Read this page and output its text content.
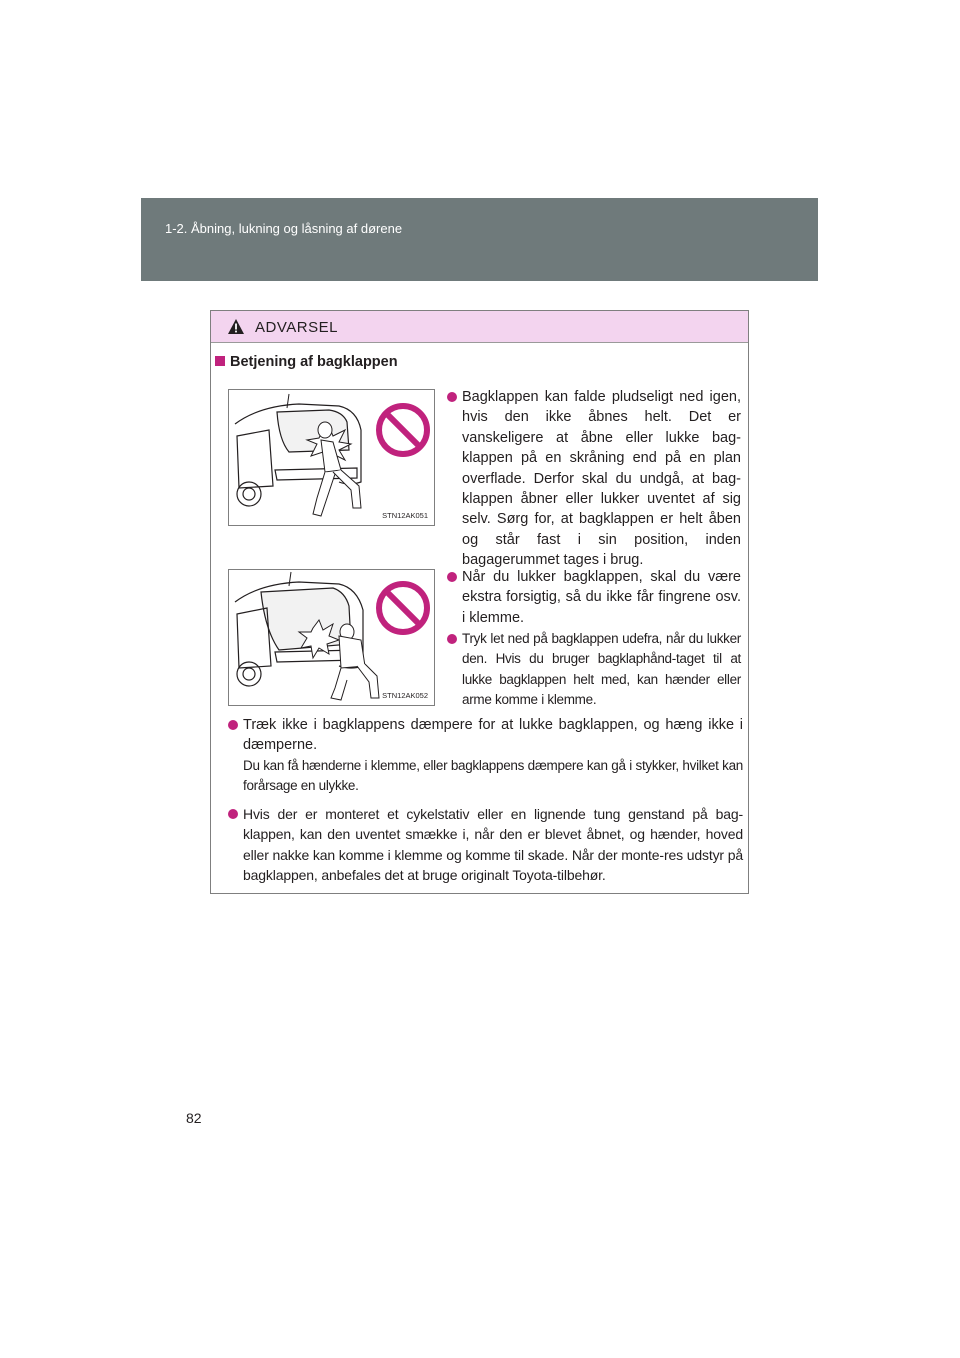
1-2. Åbning, lukning og låsning af dørene
ADVARSEL
Betjening af bagklappen
STN12AK051
STN12AK052

Bagklappen kan falde pludseligt ned igen, hvis den ikke åbnes helt. Det er vanskeligere at åbne eller lukke bag-klappen på en skråning end på en plan overflade. Derfor skal du undgå, at bag-klappen åbner eller lukker uventet af sig selv. Sørg for, at bagklappen er helt åben og står fast i sin position, inden bagagerummet tages i brug.

Når du lukker bagklappen, skal du være ekstra forsigtig, så du ikke får fingrene osv. i klemme.

Tryk let ned på bagklappen udefra, når du lukker den. Hvis du bruger bagklaphånd-taget til at lukke bagklappen helt med, kan hænder eller arme komme i klemme.

Træk ikke i bagklappens dæmpere for at lukke bagklappen, og hæng ikke i dæmperne.

Du kan få hænderne i klemme, eller bagklappens dæmpere kan gå i stykker, hvilket kan forårsage en ulykke.

Hvis der er monteret et cykelstativ eller en lignende tung genstand på bag-klappen, kan den uventet smække i, når den er blevet åbnet, og hænder, hoved eller nakke kan komme i klemme og komme til skade. Når der monte-res udstyr på bagklappen, anbefales det at bruge originalt Toyota-tilbehør.

82
